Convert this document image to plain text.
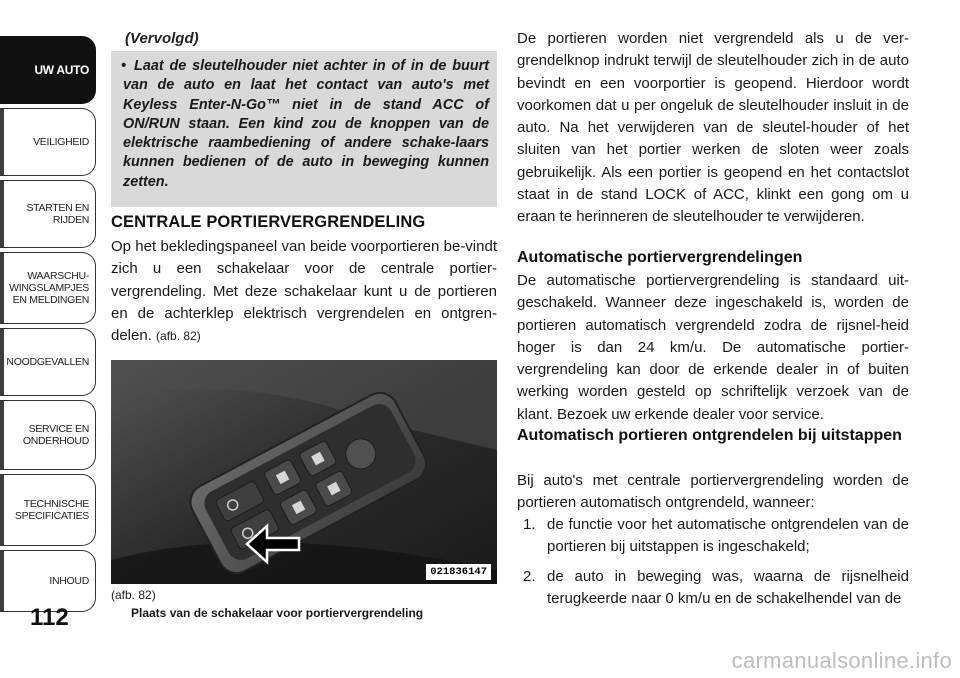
UW AUTO
VEILIGHEID
STARTEN EN
RIJDEN
WAARSCHU-
WINGSLAMPJES
EN MELDINGEN
NOODGEVALLEN
SERVICE EN
ONDERHOUD
TECHNISCHE
SPECIFICATIES
INHOUD
112
(Vervolgd)
• Laat de sleutelhouder niet achter in of in de buurt van de auto en laat het contact van auto's met Keyless Enter-N-Go™ niet in de stand ACC of ON/RUN staan. Een kind zou de knoppen van de elektrische raambediening of andere schake-laars kunnen bedienen of de auto in beweging kunnen zetten.
CENTRALE PORTIERVERGRENDELING
Op het bekledingspaneel van beide voorportieren be-vindt zich u een schakelaar voor de centrale portier-vergrendeling. Met deze schakelaar kunt u de portieren en de achterklep elektrisch vergrendelen en ontgren-delen. (afb. 82)
021836147
(afb. 82)
Plaats van de schakelaar voor portiervergrendeling
De portieren worden niet vergrendeld als u de ver-grendelknop indrukt terwijl de sleutelhouder zich in de auto bevindt en een voorportier is geopend. Hierdoor wordt voorkomen dat u per ongeluk de sleutelhouder insluit in de auto. Na het verwijderen van de sleutel-houder of het sluiten van het portier werken de sloten weer zoals gebruikelijk. Als een portier is geopend en het contactslot staat in de stand LOCK of ACC, klinkt een gong om u eraan te herinneren de sleutelhouder te verwijderen.
Automatische portiervergrendelingen
De automatische portiervergrendeling is standaard uit-geschakeld. Wanneer deze ingeschakeld is, worden de portieren automatisch vergrendeld zodra de rijsnel-heid hoger is dan 24 km/u. De automatische portier-vergrendeling kan door de erkende dealer in of buiten werking worden gesteld op schriftelijk verzoek van de klant. Bezoek uw erkende dealer voor service.
Automatisch portieren ontgrendelen bij uitstappen
Bij auto's met centrale portiervergrendeling worden de portieren automatisch ontgrendeld, wanneer:
1. de functie voor het automatische ontgrendelen van de portieren bij uitstappen is ingeschakeld;
2. de auto in beweging was, waarna de rijsnelheid terugkeerde naar 0 km/u en de schakelhendel van de
carmanualsonline.info
